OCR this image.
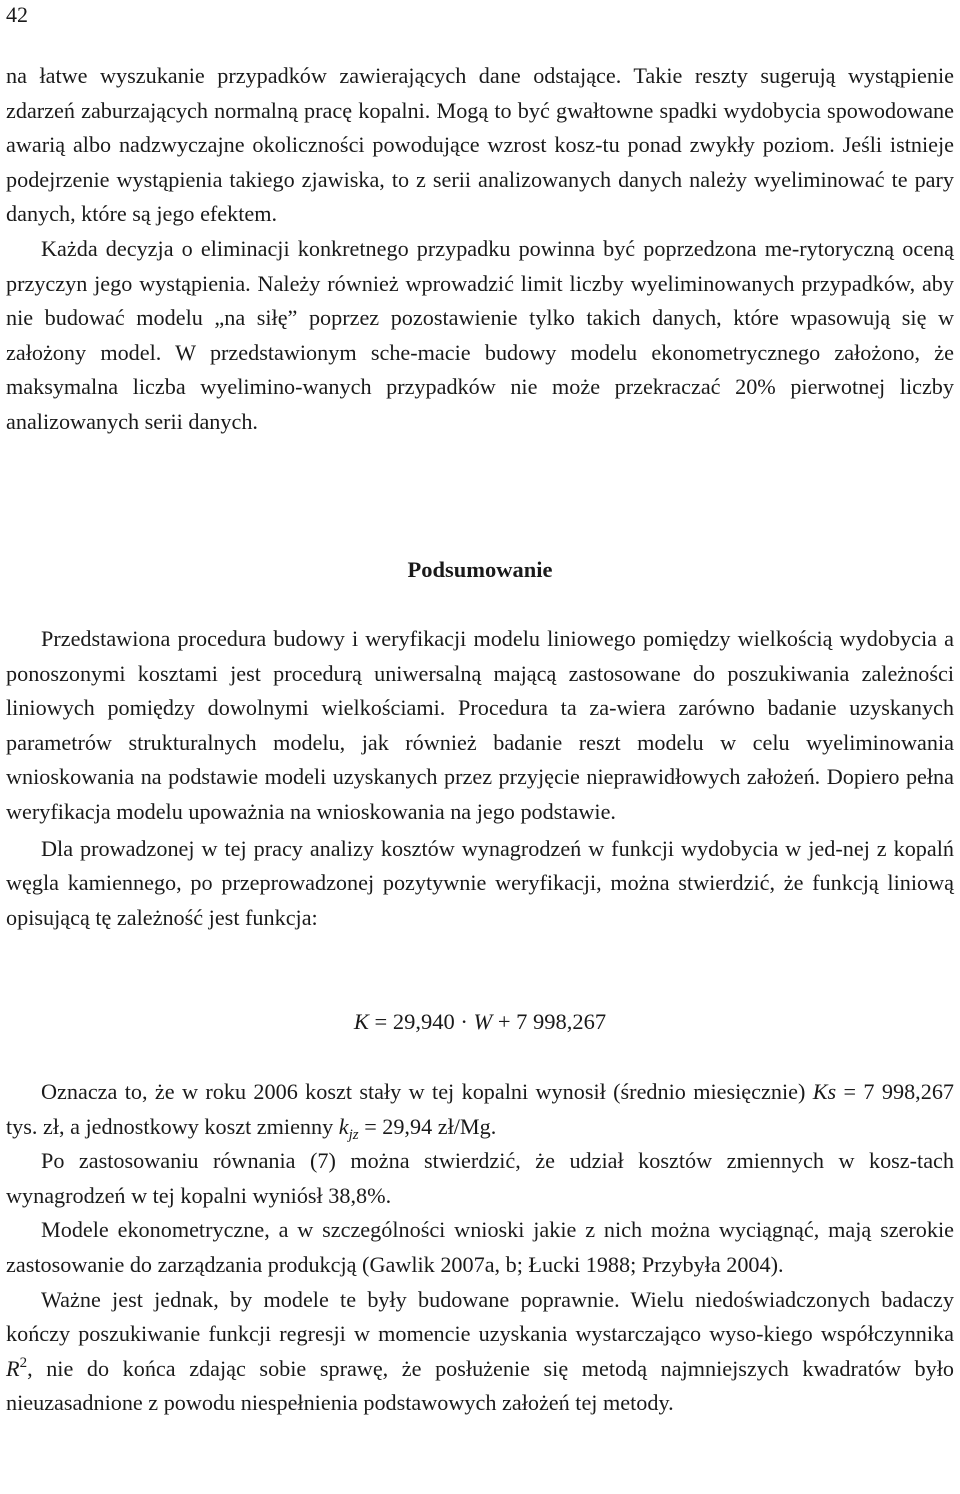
42

na łatwe wyszukanie przypadków zawierających dane odstające. Takie reszty sugerują wystąpienie zdarzeń zaburzających normalną pracę kopalni. Mogą to być gwałtowne spadki wydobycia spowodowane awarią albo nadzwyczajne okoliczności powodujące wzrost kosz-tu ponad zwykły poziom. Jeśli istnieje podejrzenie wystąpienia takiego zjawiska, to z serii analizowanych danych należy wyeliminować te pary danych, które są jego efektem.

Każda decyzja o eliminacji konkretnego przypadku powinna być poprzedzona me-rytoryczną oceną przyczyn jego wystąpienia. Należy również wprowadzić limit liczby wyeliminowanych przypadków, aby nie budować modelu „na siłę” poprzez pozostawienie tylko takich danych, które wpasowują się w założony model. W przedstawionym sche-macie budowy modelu ekonometrycznego założono, że maksymalna liczba wyelimino-wanych przypadków nie może przekraczać 20% pierwotnej liczby analizowanych serii danych.

Podsumowanie

Przedstawiona procedura budowy i weryfikacji modelu liniowego pomiędzy wielkością wydobycia a ponoszonymi kosztami jest procedurą uniwersalną mającą zastosowane do poszukiwania zależności liniowych pomiędzy dowolnymi wielkościami. Procedura ta za-wiera zarówno badanie uzyskanych parametrów strukturalnych modelu, jak również badanie reszt modelu w celu wyeliminowania wnioskowania na podstawie modeli uzyskanych przez przyjęcie nieprawidłowych założeń. Dopiero pełna weryfikacja modelu upoważnia na wnioskowania na jego podstawie.

Dla prowadzonej w tej pracy analizy kosztów wynagrodzeń w funkcji wydobycia w jed-nej z kopalń węgla kamiennego, po przeprowadzonej pozytywnie weryfikacji, można stwierdzić, że funkcją liniową opisującą tę zależność jest funkcja:

K = 29,940 · W + 7 998,267

Oznacza to, że w roku 2006 koszt stały w tej kopalni wynosił (średnio miesięcznie) Ks = 7 998,267 tys. zł, a jednostkowy koszt zmienny $k_{jz} = 29,94$ zł/Mg.

Po zastosowaniu równania (7) można stwierdzić, że udział kosztów zmiennych w kosz-tach wynagrodzeń w tej kopalni wyniósł 38,8%.

Modele ekonometryczne, a w szczególności wnioski jakie z nich można wyciągnąć, mają szerokie zastosowanie do zarządzania produkcją (Gawlik 2007a, b; Łucki 1988; Przybyła 2004).

Ważne jest jednak, by modele te były budowane poprawnie. Wielu niedoświadczonych badaczy kończy poszukiwanie funkcji regresji w momencie uzyskania wystarczająco wyso-kiego współczynnika $R^2$, nie do końca zdając sobie sprawę, że posłużenie się metodą najmniejszych kwadratów było nieuzasadnione z powodu niespełnienia podstawowych założeń tej metody.
